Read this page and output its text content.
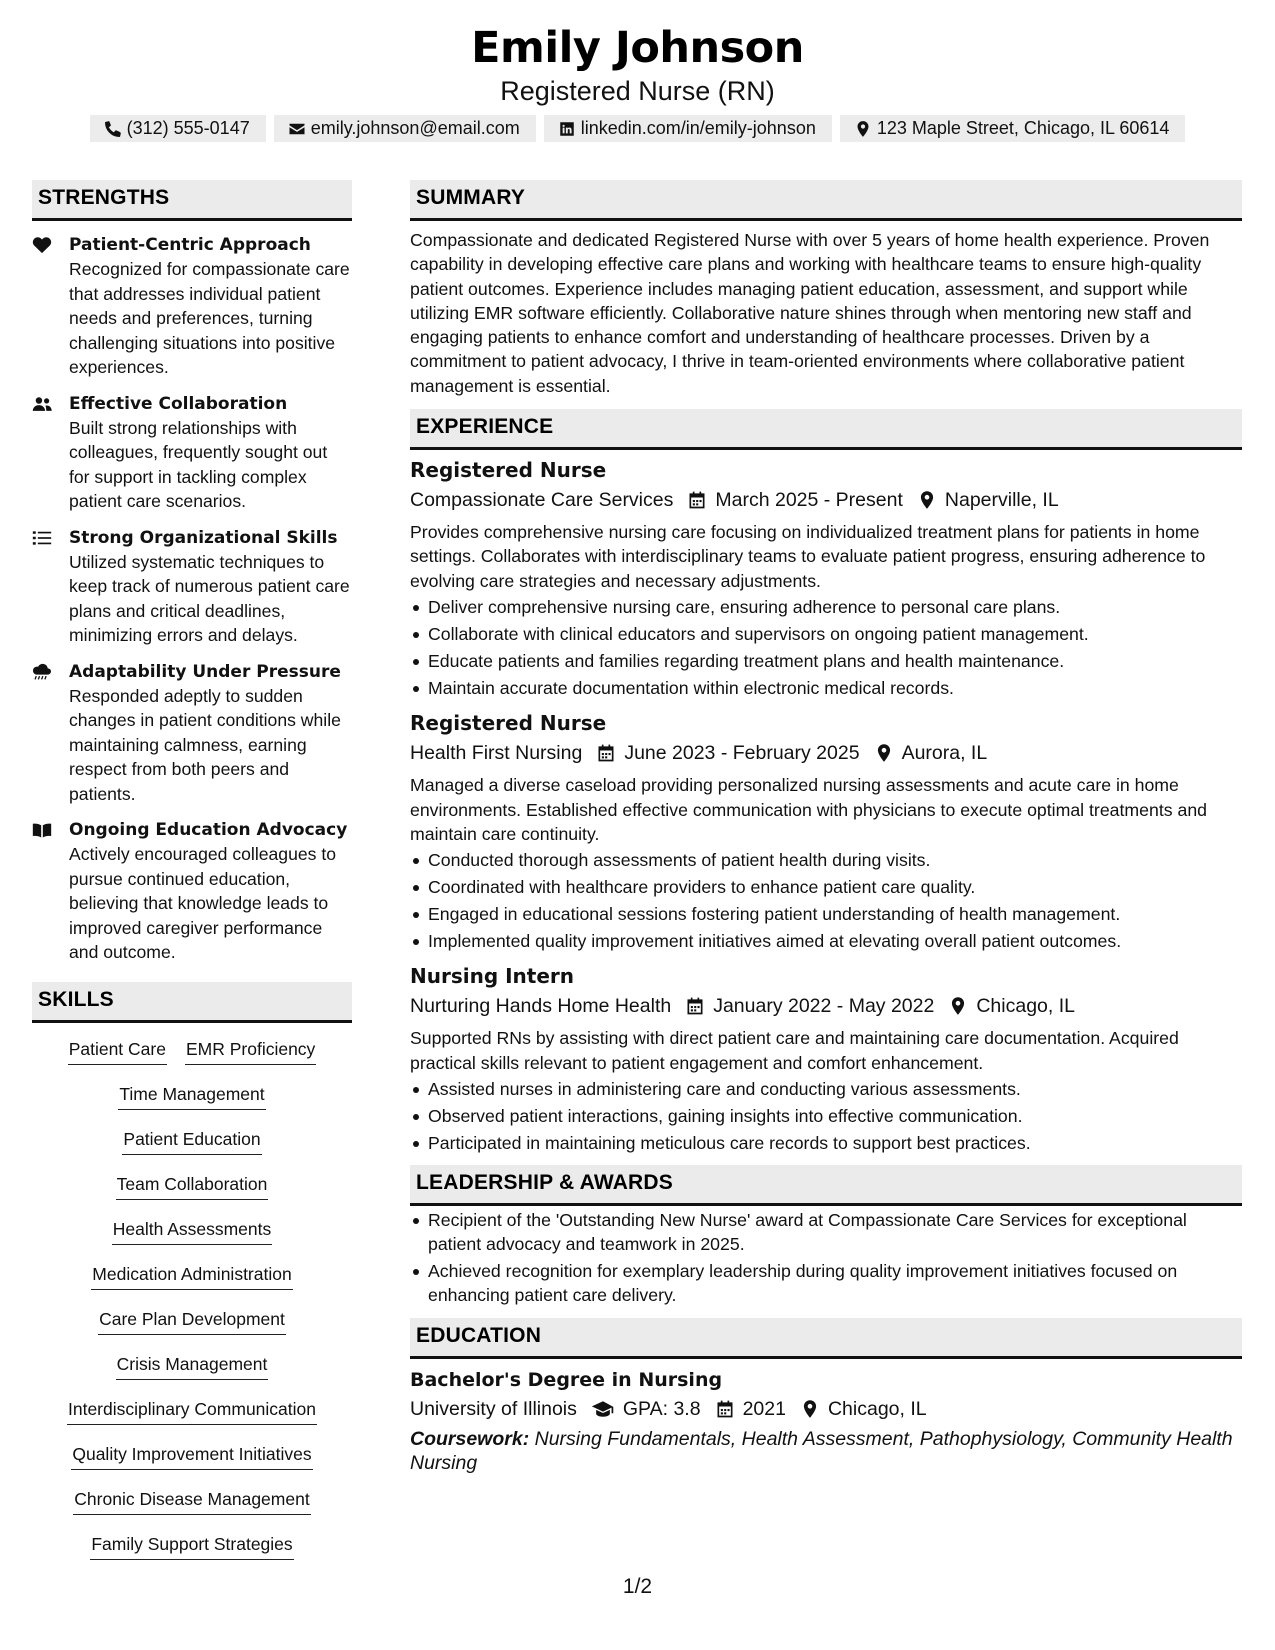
Emily Johnson
Registered Nurse (RN)
(312) 555-0147	emily.johnson@email.com	linkedin.com/in/emily-johnson	123 Maple Street, Chicago, IL 60614
STRENGTHS
Patient-Centric Approach
Recognized for compassionate care that addresses individual patient needs and preferences, turning challenging situations into positive experiences.
Effective Collaboration
Built strong relationships with colleagues, frequently sought out for support in tackling complex patient care scenarios.
Strong Organizational Skills
Utilized systematic techniques to keep track of numerous patient care plans and critical deadlines, minimizing errors and delays.
Adaptability Under Pressure
Responded adeptly to sudden changes in patient conditions while maintaining calmness, earning respect from both peers and patients.
Ongoing Education Advocacy
Actively encouraged colleagues to pursue continued education, believing that knowledge leads to improved caregiver performance and outcome.
SKILLS
Patient Care EMR Proficiency
Time Management
Patient Education
Team Collaboration
Health Assessments
Medication Administration
Care Plan Development
Crisis Management
Interdisciplinary Communication
Quality Improvement Initiatives
Chronic Disease Management
Family Support Strategies
SUMMARY
Compassionate and dedicated Registered Nurse with over 5 years of home health experience. Proven capability in developing effective care plans and working with healthcare teams to ensure high-quality patient outcomes. Experience includes managing patient education, assessment, and support while utilizing EMR software efficiently. Collaborative nature shines through when mentoring new staff and engaging patients to enhance comfort and understanding of healthcare processes. Driven by a commitment to patient advocacy, I thrive in team-oriented environments where collaborative patient management is essential.
EXPERIENCE
Registered Nurse
Compassionate Care Services March 2025 - Present Naperville, IL
Provides comprehensive nursing care focusing on individualized treatment plans for patients in home settings. Collaborates with interdisciplinary teams to evaluate patient progress, ensuring adherence to evolving care strategies and necessary adjustments.
Deliver comprehensive nursing care, ensuring adherence to personal care plans.
Collaborate with clinical educators and supervisors on ongoing patient management.
Educate patients and families regarding treatment plans and health maintenance.
Maintain accurate documentation within electronic medical records.
Registered Nurse
Health First Nursing June 2023 - February 2025 Aurora, IL
Managed a diverse caseload providing personalized nursing assessments and acute care in home environments. Established effective communication with physicians to execute optimal treatments and maintain care continuity.
Conducted thorough assessments of patient health during visits.
Coordinated with healthcare providers to enhance patient care quality.
Engaged in educational sessions fostering patient understanding of health management.
Implemented quality improvement initiatives aimed at elevating overall patient outcomes.
Nursing Intern
Nurturing Hands Home Health January 2022 - May 2022 Chicago, IL
Supported RNs by assisting with direct patient care and maintaining care documentation. Acquired practical skills relevant to patient engagement and comfort enhancement.
Assisted nurses in administering care and conducting various assessments.
Observed patient interactions, gaining insights into effective communication.
Participated in maintaining meticulous care records to support best practices.
LEADERSHIP & AWARDS
Recipient of the 'Outstanding New Nurse' award at Compassionate Care Services for exceptional patient advocacy and teamwork in 2025.
Achieved recognition for exemplary leadership during quality improvement initiatives focused on enhancing patient care delivery.
EDUCATION
Bachelor's Degree in Nursing
University of Illinois GPA: 3.8 2021 Chicago, IL
Coursework: Nursing Fundamentals, Health Assessment, Pathophysiology, Community Health Nursing
1/2
